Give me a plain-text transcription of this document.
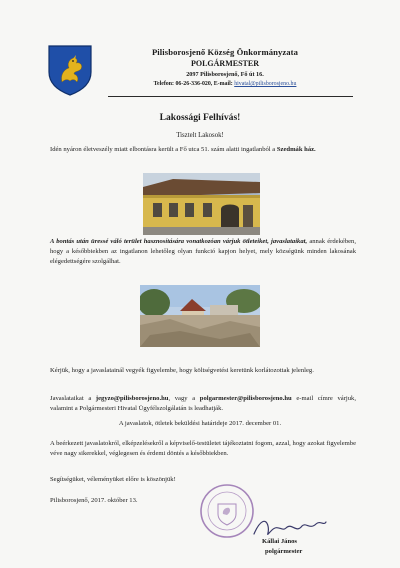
Pilisborosjenő Község Önkormányzata
POLGÁRMESTER
2097 Pilisborosjenő, Fő út 16.
Telefon: 06-26-336-020, E-mail: hivatal@pilisborosjeno.hu
Lakossági Felhívás!
Tisztelt Lakosok!
Idén nyáron életveszély miatt elbontásra került a Fő utca 51. szám alatti ingatlanból a Szedmák ház.
A bontás után üressé váló terület hasznosítására vonatkozóan várjuk ötleteiket, javaslataikat, annak érdekében, hogy a későbbiekben az ingatlanon lehetőleg olyan funkció kapjon helyet, mely községünk minden lakosának elégedettségére szolgálhat.
Kérjük, hogy a javaslatainál vegyék figyelembe, hogy költségvetési keretünk korlátozottak jelenleg.
Javaslataikat a jegyzo@pilisborosjeno.hu, vagy a polgarmester@pilisborosjeno.hu e-mail címre várjuk, valamint a Polgármesteri Hivatal Ügyfélszolgálatán is leadhatják.
A javaslatok, ötletek beküldési határideje 2017. december 01.
A beérkezett javaslatokról, elképzelésekről a képviselő-testületet tájékoztatni fogom, azzal, hogy azokat figyelembe véve nagy sikerekkel, véglegesen és érdemi döntés a későbbiekben.
Segítségüket, véleményüket előre is köszönjük!
Pilisborosjenő, 2017. október 13.
Kállai János
polgármester
